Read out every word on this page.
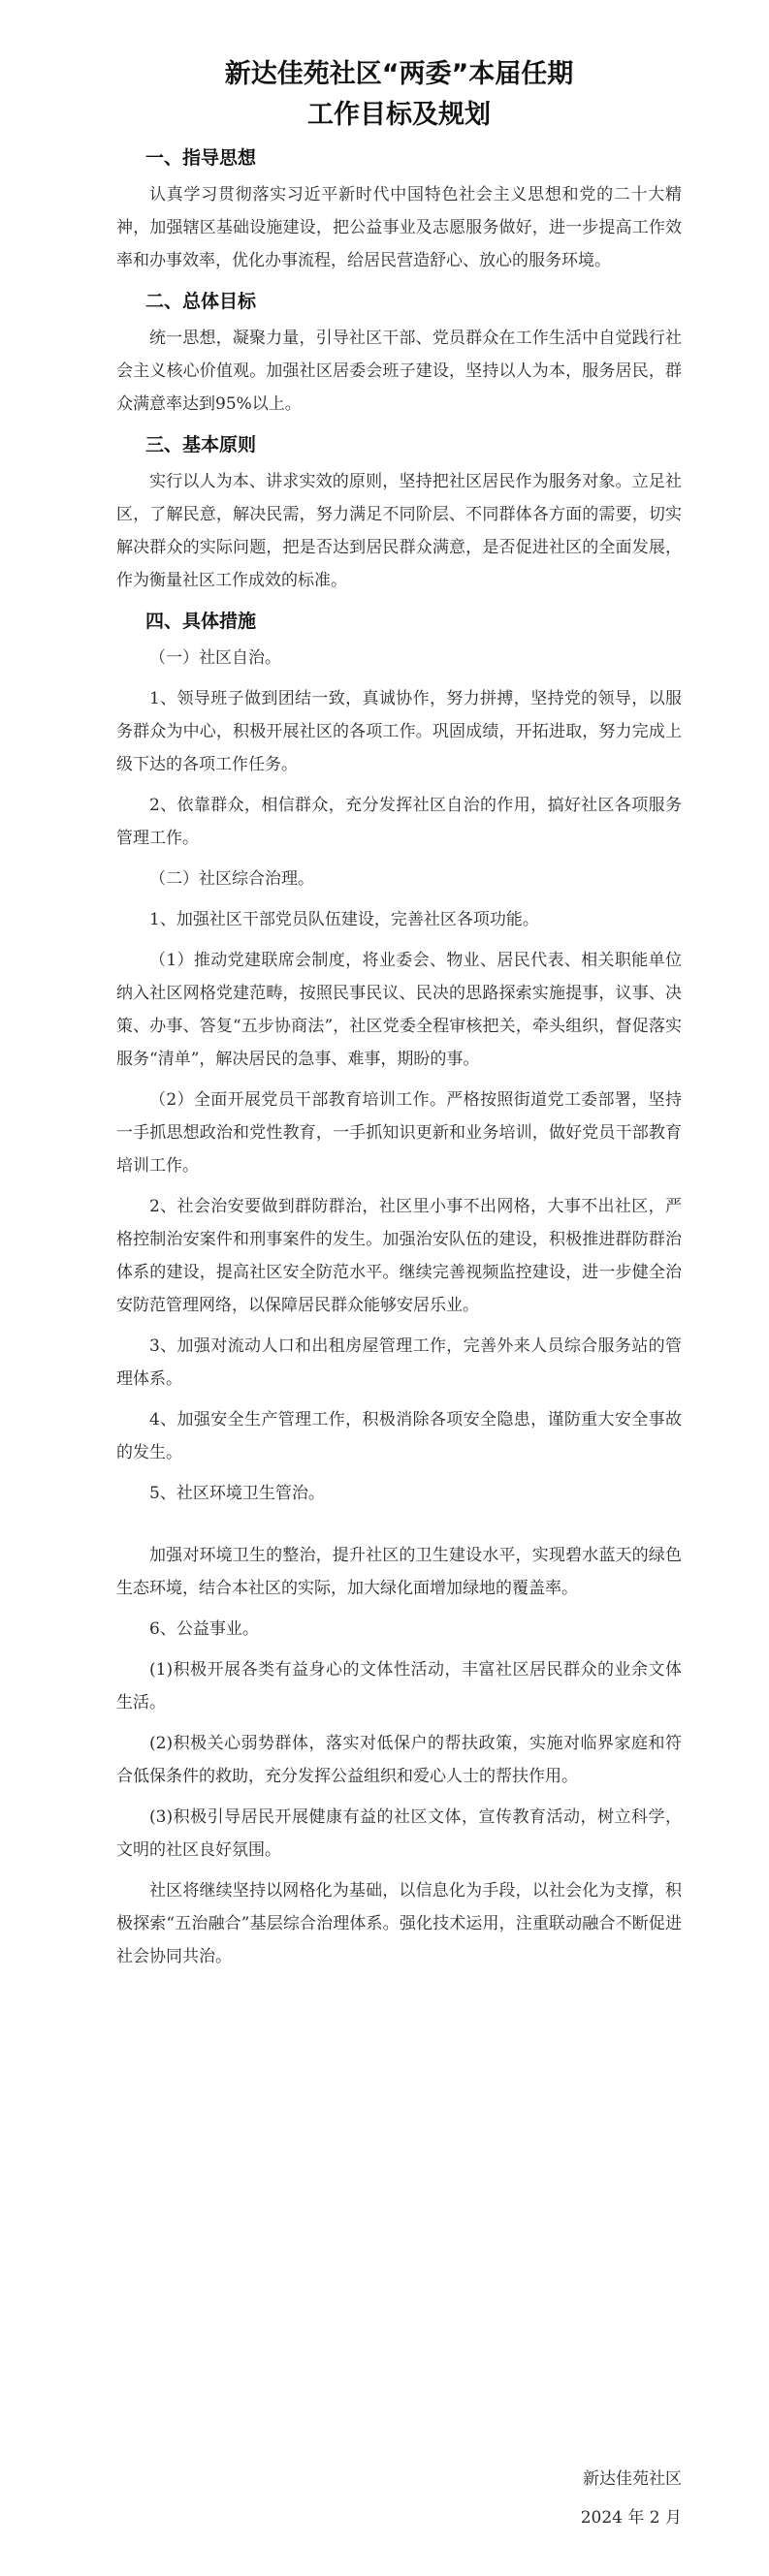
新达佳苑社区“两委”本届任期
工作目标及规划
一、指导思想

认真学习贯彻落实习近平新时代中国特色社会主义思想和党的二十大精神，加强辖区基础设施建设，把公益事业及志愿服务做好，进一步提高工作效率和办事效率，优化办事流程，给居民营造舒心、放心的服务环境。

二、总体目标

统一思想，凝聚力量，引导社区干部、党员群众在工作生活中自觉践行社会主义核心价值观。加强社区居委会班子建设，坚持以人为本，服务居民，群众满意率达到95%以上。

三、基本原则

实行以人为本、讲求实效的原则，坚持把社区居民作为服务对象。立足社区，了解民意，解决民需，努力满足不同阶层、不同群体各方面的需要，切实解决群众的实际问题，把是否达到居民群众满意，是否促进社区的全面发展，作为衡量社区工作成效的标准。

四、具体措施

（一）社区自治。

1、领导班子做到团结一致，真诚协作，努力拼搏，坚持党的领导，以服务群众为中心，积极开展社区的各项工作。巩固成绩，开拓进取，努力完成上级下达的各项工作任务。

2、依靠群众，相信群众，充分发挥社区自治的作用，搞好社区各项服务管理工作。

（二）社区综合治理。

1、加强社区干部党员队伍建设，完善社区各项功能。

（1）推动党建联席会制度，将业委会、物业、居民代表、相关职能单位纳入社区网格党建范畴，按照民事民议、民决的思路探索实施提事，议事、决策、办事、答复“五步协商法”，社区党委全程审核把关，牵头组织，督促落实服务“清单”，解决居民的急事、难事，期盼的事。

（2）全面开展党员干部教育培训工作。严格按照街道党工委部署，坚持一手抓思想政治和党性教育，一手抓知识更新和业务培训，做好党员干部教育培训工作。

2、社会治安要做到群防群治，社区里小事不出网格，大事不出社区，严格控制治安案件和刑事案件的发生。加强治安队伍的建设，积极推进群防群治体系的建设，提高社区安全防范水平。继续完善视频监控建设，进一步健全治安防范管理网络，以保障居民群众能够安居乐业。

3、加强对流动人口和出租房屋管理工作，完善外来人员综合服务站的管理体系。

4、加强安全生产管理工作，积极消除各项安全隐患，谨防重大安全事故的发生。

5、社区环境卫生管治。

加强对环境卫生的整治，提升社区的卫生建设水平，实现碧水蓝天的绿色生态环境，结合本社区的实际，加大绿化面增加绿地的覆盖率。

6、公益事业。

(1)积极开展各类有益身心的文体性活动，丰富社区居民群众的业余文体生活。

(2)积极关心弱势群体，落实对低保户的帮扶政策，实施对临界家庭和符合低保条件的救助，充分发挥公益组织和爱心人士的帮扶作用。

(3)积极引导居民开展健康有益的社区文体，宣传教育活动，树立科学，文明的社区良好氛围。

社区将继续坚持以网格化为基础，以信息化为手段，以社会化为支撑，积极探索“五治融合”基层综合治理体系。强化技术运用，注重联动融合不断促进社会协同共治。

新达佳苑社区
2024 年 2 月
